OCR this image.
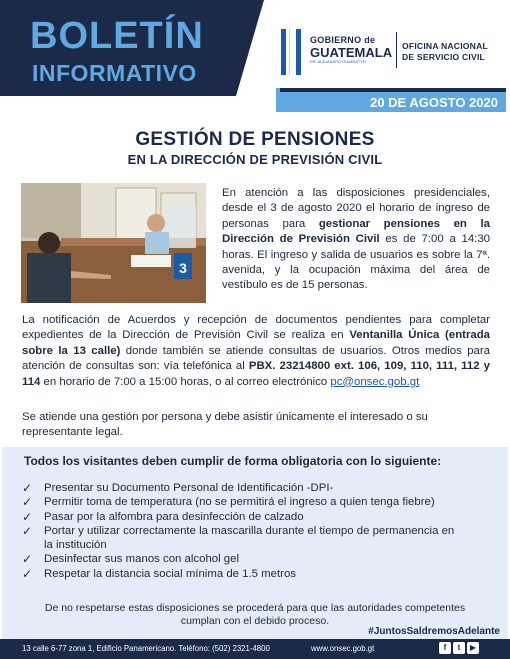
BOLETÍN
INFORMATIVO
GOBIERNO de
GUATEMALA
DR. ALEJANDRO GIAMMATTEI
OFICINA NACIONAL
DE SERVICIO CIVIL
20 DE AGOSTO 2020
GESTIÓN DE PENSIONES
EN LA DIRECCIÓN DE PREVISIÓN CIVIL
3
En atención a las disposiciones presidenciales, desde el 3 de agosto 2020 el horario de ingreso de personas para gestionar pensiones en la Dirección de Previsión Civil es de 7:00 a 14:30 horas. El ingreso y salida de usuarios es sobre la 7ª. avenida, y la ocupación máxima del área de vestíbulo es de 15 personas.
La notificación de Acuerdos y recepción de documentos pendientes para completar expedientes de la Dirección de Previsión Civil se realiza en Ventanilla Única (entrada sobre la 13 calle) donde también se atiende consultas de usuarios. Otros medios para atención de consultas son: vía telefónica al PBX. 23214800 ext. 106, 109, 110, 111, 112 y 114 en horario de 7:00 a 15:00 horas, o al correo electrónico pc@onsec.gob.gt
Se atiende una gestión por persona y debe asistir únicamente el interesado o su representante legal.
Todos los visitantes deben cumplir de forma obligatoria con lo siguiente:
✓ Presentar su Documento Personal de Identificación -DPI-
✓ Permitir toma de temperatura (no se permitirá el ingreso a quien tenga fiebre)
✓ Pasar por la alfombra para desinfección de calzado
✓ Portar y utilizar correctamente la mascarilla durante el tiempo de permanencia en la institución
✓ Desinfectar sus manos con alcohol gel
✓ Respetar la distancia social mínima de 1.5 metros
De no respetarse estas disposiciones se procederá para que las autoridades competentes cumplan con el debido proceso.
#JuntosSaldremosAdelante
13 calle 6-77 zona 1, Edificio Panamericano. Teléfono: (502) 2321-4800	www.onsec.gob.gt	f	t	▶
